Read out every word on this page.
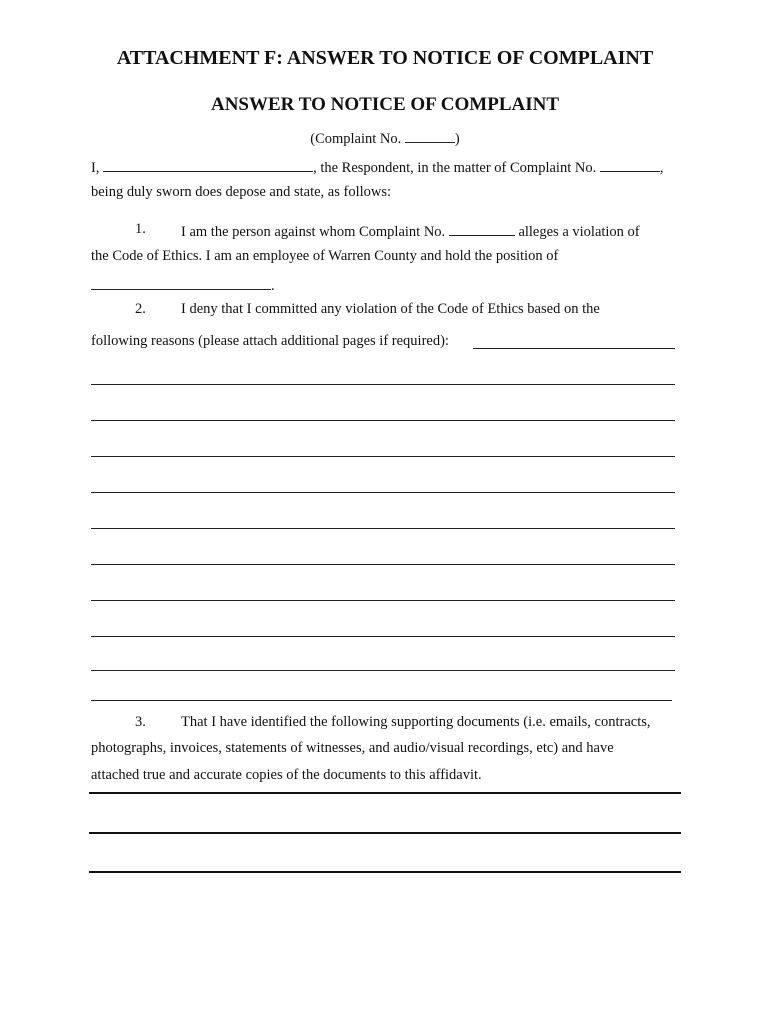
ATTACHMENT F: ANSWER TO NOTICE OF COMPLAINT
ANSWER TO NOTICE OF COMPLAINT
(Complaint No.	)
I,	, the Respondent, in the matter of Complaint No.	,
being duly sworn does depose and state, as follows:
1. I am the person against whom Complaint No.	alleges a violation of
the Code of Ethics. I am an employee of Warren County and hold the position of
.
2. I deny that I committed any violation of the Code of Ethics based on the
following reasons (please attach additional pages if required):
3. That I have identified the following supporting documents (i.e. emails, contracts,
photographs, invoices, statements of witnesses, and audio/visual recordings, etc) and have
attached true and accurate copies of the documents to this affidavit.
